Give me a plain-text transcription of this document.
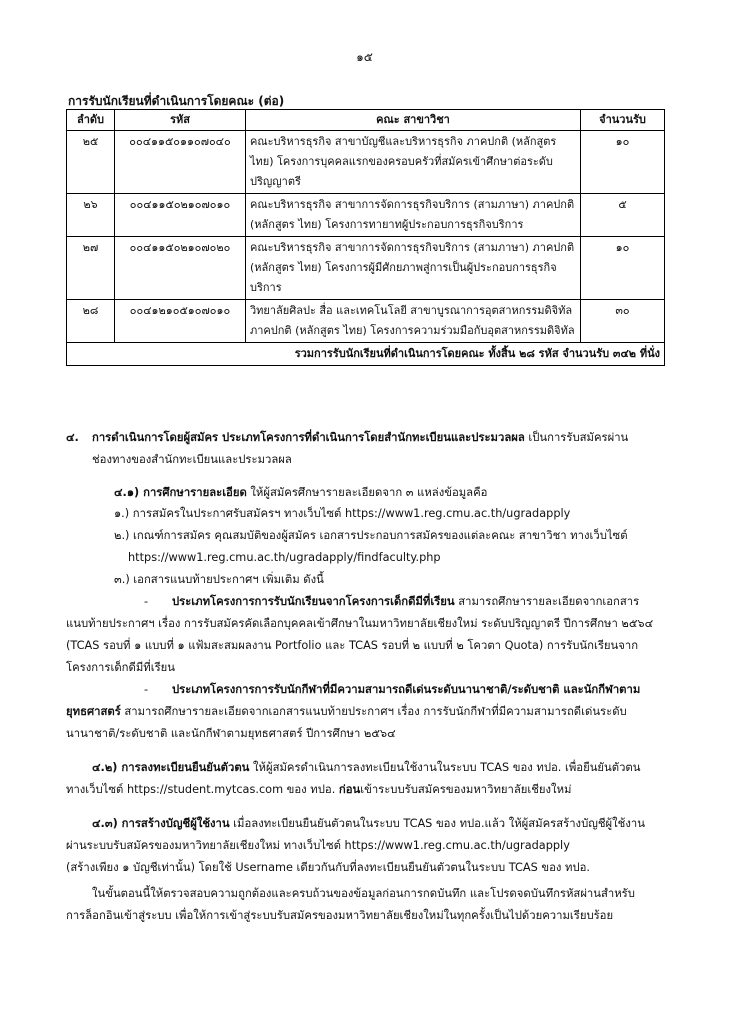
๑๕
การรับนักเรียนที่ดำเนินการโดยคณะ (ต่อ)
ลำดับ	รหัส	คณะ สาขาวิชา	จำนวนรับ
๒๕	๐๐๔๑๑๕๐๑๑๐๗๐๔๐	คณะบริหารธุรกิจ สาขาบัญชีและบริหารธุรกิจ ภาคปกติ (หลักสูตร ไทย) โครงการบุคคลแรกของครอบครัวที่สมัครเข้าศึกษาต่อระดับปริญญาตรี	๑๐
๒๖	๐๐๔๑๑๕๐๒๑๐๗๐๑๐	คณะบริหารธุรกิจ สาขาการจัดการธุรกิจบริการ (สามภาษา) ภาคปกติ (หลักสูตร ไทย) โครงการทายาทผู้ประกอบการธุรกิจบริการ	๕
๒๗	๐๐๔๑๑๕๐๒๑๐๗๐๒๐	คณะบริหารธุรกิจ สาขาการจัดการธุรกิจบริการ (สามภาษา) ภาคปกติ (หลักสูตร ไทย) โครงการผู้มีศักยภาพสู่การเป็นผู้ประกอบการธุรกิจบริการ	๑๐
๒๘	๐๐๔๑๒๑๐๕๑๐๗๐๑๐	วิทยาลัยศิลปะ สื่อ และเทคโนโลยี สาขาบูรณาการอุตสาหกรรมดิจิทัล ภาคปกติ (หลักสูตร ไทย) โครงการความร่วมมือกับอุตสาหกรรมดิจิทัล	๓๐
รวมการรับนักเรียนที่ดำเนินการโดยคณะ ทั้งสิ้น ๒๘ รหัส จำนวนรับ ๓๔๒ ที่นั่ง			
๔. การดำเนินการโดยผู้สมัคร ประเภทโครงการที่ดำเนินการโดยสำนักทะเบียนและประมวลผล เป็นการรับสมัครผ่าน
ช่องทางของสำนักทะเบียนและประมวลผล
๔.๑) การศึกษารายละเอียด ให้ผู้สมัครศึกษารายละเอียดจาก ๓ แหล่งข้อมูลคือ
๑.) การสมัครในประกาศรับสมัครฯ ทางเว็บไซต์ https://www1.reg.cmu.ac.th/ugradapply
๒.) เกณฑ์การสมัคร คุณสมบัติของผู้สมัคร เอกสารประกอบการสมัครของแต่ละคณะ สาขาวิชา ทางเว็บไซต์
https://www1.reg.cmu.ac.th/ugradapply/findfaculty.php
๓.) เอกสารแนบท้ายประกาศฯ เพิ่มเติม ดังนี้
- ประเภทโครงการการรับนักเรียนจากโครงการเด็กดีมีที่เรียน สามารถศึกษารายละเอียดจากเอกสาร
แนบท้ายประกาศฯ เรื่อง การรับสมัครคัดเลือกบุคคลเข้าศึกษาในมหาวิทยาลัยเชียงใหม่ ระดับปริญญาตรี ปีการศึกษา ๒๕๖๔
(TCAS รอบที่ ๑ แบบที่ ๑ แฟ้มสะสมผลงาน Portfolio และ TCAS รอบที่ ๒ แบบที่ ๒ โควตา Quota) การรับนักเรียนจาก
โครงการเด็กดีมีที่เรียน
- ประเภทโครงการการรับนักกีฬาที่มีความสามารถดีเด่นระดับนานาชาติ/ระดับชาติ และนักกีฬาตาม
ยุทธศาสตร์ สามารถศึกษารายละเอียดจากเอกสารแนบท้ายประกาศฯ เรื่อง การรับนักกีฬาที่มีความสามารถดีเด่นระดับ
นานาชาติ/ระดับชาติ และนักกีฬาตามยุทธศาสตร์ ปีการศึกษา ๒๕๖๔
๔.๒) การลงทะเบียนยืนยันตัวตน ให้ผู้สมัครดำเนินการลงทะเบียนใช้งานในระบบ TCAS ของ ทปอ. เพื่อยืนยันตัวตน
ทางเว็บไซต์ https://student.mytcas.com ของ ทปอ. ก่อนเข้าระบบรับสมัครของมหาวิทยาลัยเชียงใหม่
๔.๓) การสร้างบัญชีผู้ใช้งาน เมื่อลงทะเบียนยืนยันตัวตนในระบบ TCAS ของ ทปอ.แล้ว ให้ผู้สมัครสร้างบัญชีผู้ใช้งาน
ผ่านระบบรับสมัครของมหาวิทยาลัยเชียงใหม่ ทางเว็บไซต์ https://www1.reg.cmu.ac.th/ugradapply
(สร้างเพียง ๑ บัญชีเท่านั้น) โดยใช้ Username เดียวกันกับที่ลงทะเบียนยืนยันตัวตนในระบบ TCAS ของ ทปอ.
ในขั้นตอนนี้ให้ตรวจสอบความถูกต้องและครบถ้วนของข้อมูลก่อนการกดบันทึก และโปรดจดบันทึกรหัสผ่านสำหรับ
การล็อกอินเข้าสู่ระบบ เพื่อให้การเข้าสู่ระบบรับสมัครของมหาวิทยาลัยเชียงใหม่ในทุกครั้งเป็นไปด้วยความเรียบร้อย
